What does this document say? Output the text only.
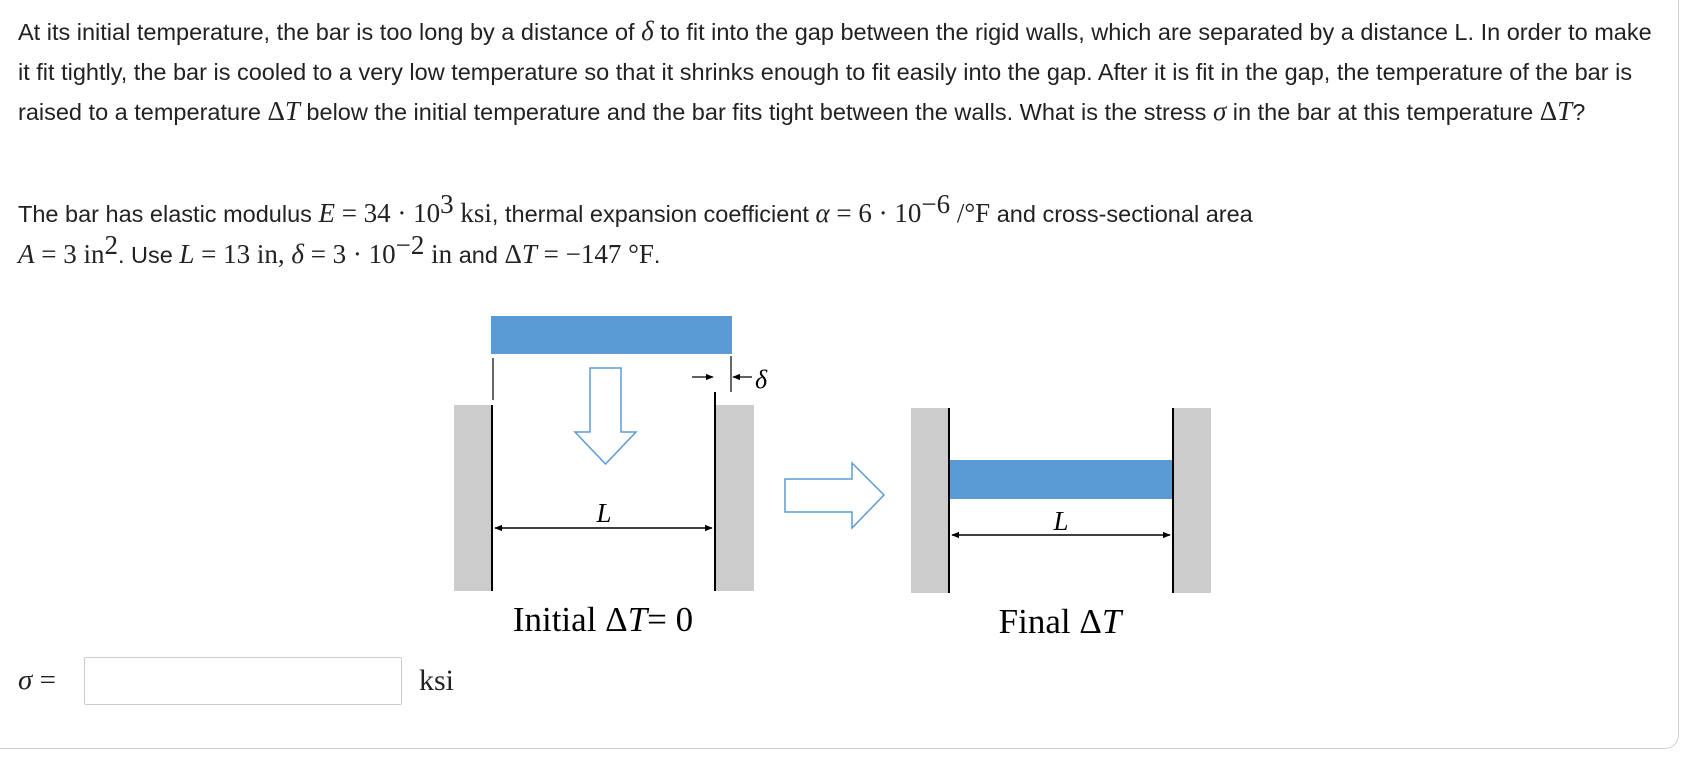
At its initial temperature, the bar is too long by a distance of δ to fit into the gap between the rigid walls, which are separated by a distance L. In order to make it fit tightly, the bar is cooled to a very low temperature so that it shrinks enough to fit easily into the gap. After it is fit in the gap, the temperature of the bar is raised to a temperature ΔT below the initial temperature and the bar fits tight between the walls. What is the stress σ in the bar at this temperature ΔT?

The bar has elastic modulus $E = 34 \cdot 10^3$ ksi, thermal expansion coefficient $\alpha = 6 \cdot 10^{-6}$ /°F and cross-sectional area
A = 3 $in^2$. Use L = 13 in, $\delta = 3 \cdot 10^{-2}$ in and ΔT = −147 °F.

δ
L	L
Initial ΔT= 0	Final ΔT
σ =	ksi
